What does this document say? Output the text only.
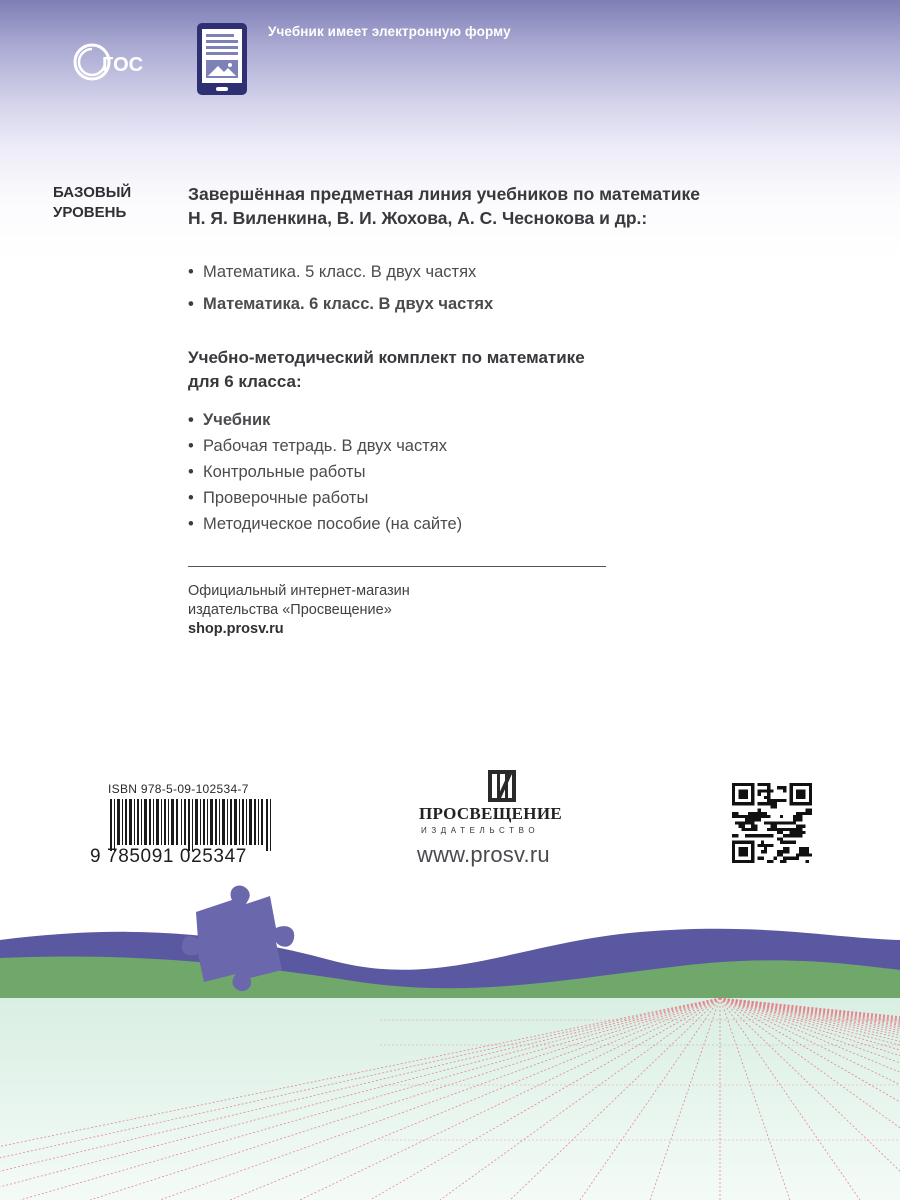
ГОС
Учебник имеет электронную форму
БАЗОВЫЙ
УРОВЕНЬ
Завершённая предметная линия учебников по математике
Н. Я. Виленкина, В. И. Жохова, А. С. Чеснокова и др.:
• Математика. 5 класс. В двух частях
• Математика. 6 класс. В двух частях
Учебно-методический комплект по математике
для 6 класса:
• Учебник
• Рабочая тетрадь. В двух частях
• Контрольные работы
• Проверочные работы
• Методическое пособие (на сайте)
Официальный интернет-магазин
издательства «Просвещение»
shop.prosv.ru
ISBN 978-5-09-102534-7
9 785091 025347
ПРОСВЕЩЕНИЕ
ИЗДАТЕЛЬСТВО
www.prosv.ru
